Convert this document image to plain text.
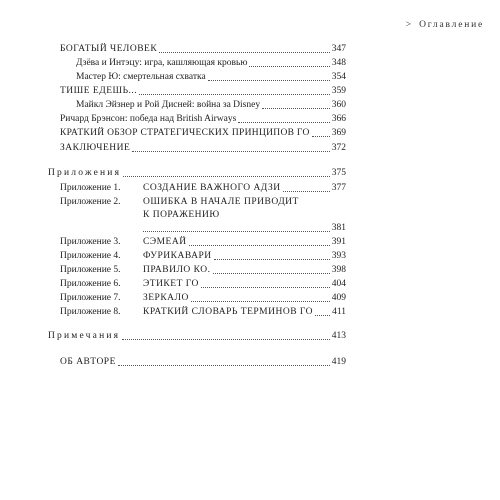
> Оглавление
БОГАТЫЙ ЧЕЛОВЕК	347
Дзёва и Интэцу: игра, кашляющая кровью	348
Мастер Ю: смертельная схватка	354
ТИШЕ ЕДЕШЬ...	359
Майкл Эйзнер и Рой Дисней: война за Disney	360
Ричард Брэнсон: победа над British Airways	366
КРАТКИЙ ОБЗОР СТРАТЕГИЧЕСКИХ ПРИНЦИПОВ ГО 369
ЗАКЛЮЧЕНИЕ	372
Приложения	375
Приложение 1.	СОЗДАНИЕ ВАЖНОГО АДЗИ	377
Приложение 2.	ОШИБКА В НАЧАЛЕ ПРИВОДИТ
К ПОРАЖЕНИЮ
381
Приложение 3.	СЭМЕАЙ	391
Приложение 4.	ФУРИКАВАРИ	393
Приложение 5.	ПРАВИЛО КО.	398
Приложение 6.	ЭТИКЕТ ГО	404
Приложение 7.	ЗЕРКАЛО	409
Приложение 8.	КРАТКИЙ СЛОВАРЬ ТЕРМИНОВ ГО 411
Примечания	413
ОБ АВТОРЕ	419
